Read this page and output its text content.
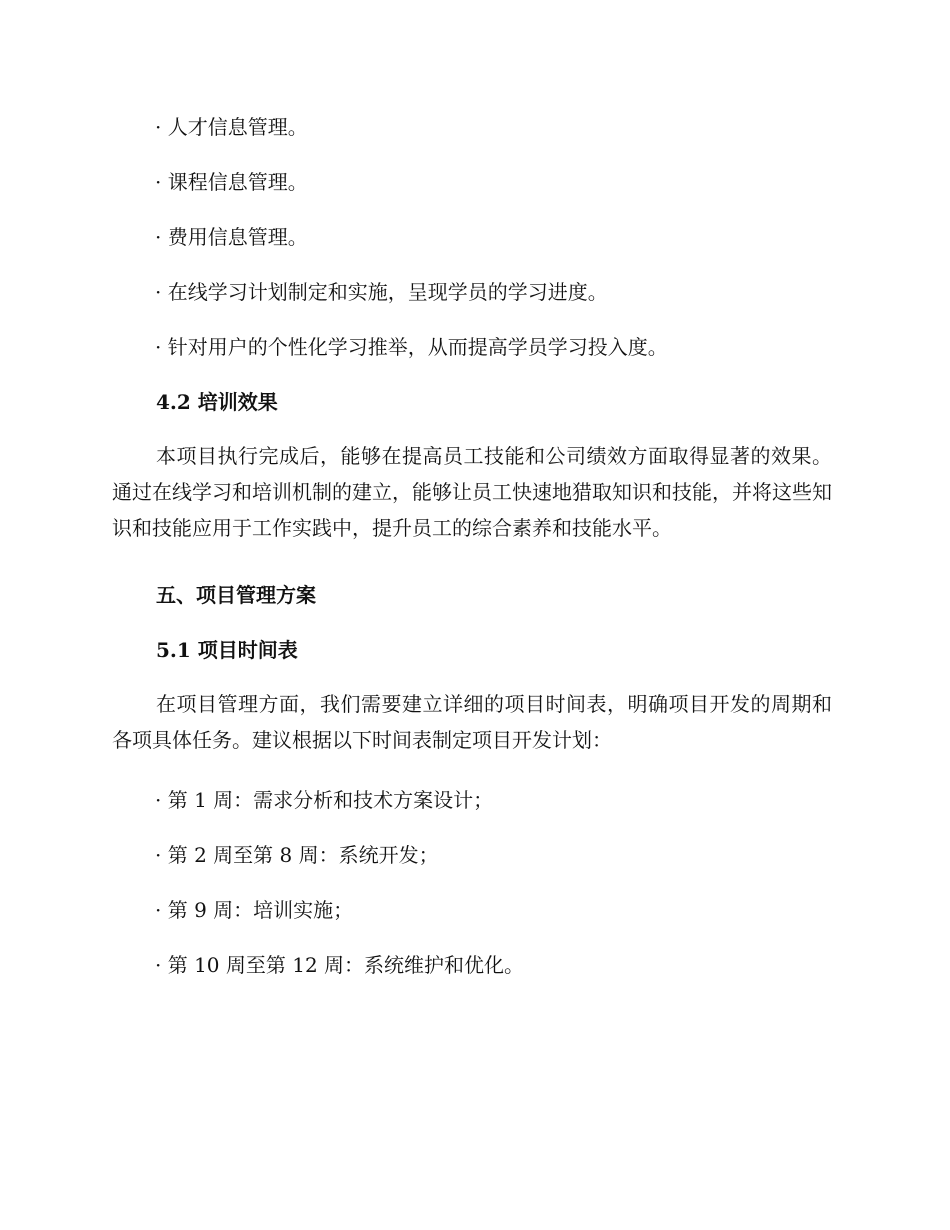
· 人才信息管理。
· 课程信息管理。
· 费用信息管理。
· 在线学习计划制定和实施，呈现学员的学习进度。
· 针对用户的个性化学习推举，从而提高学员学习投入度。
4.2 培训效果

本项目执行完成后，能够在提高员工技能和公司绩效方面取得显著的效果。通过在线学习和培训机制的建立，能够让员工快速地猎取知识和技能，并将这些知识和技能应用于工作实践中，提升员工的综合素养和技能水平。

五、项目管理方案
5.1 项目时间表

在项目管理方面，我们需要建立详细的项目时间表，明确项目开发的周期和各项具体任务。建议根据以下时间表制定项目开发计划：

· 第 1 周：需求分析和技术方案设计；
· 第 2 周至第 8 周：系统开发；
· 第 9 周：培训实施；
· 第 10 周至第 12 周：系统维护和优化。
